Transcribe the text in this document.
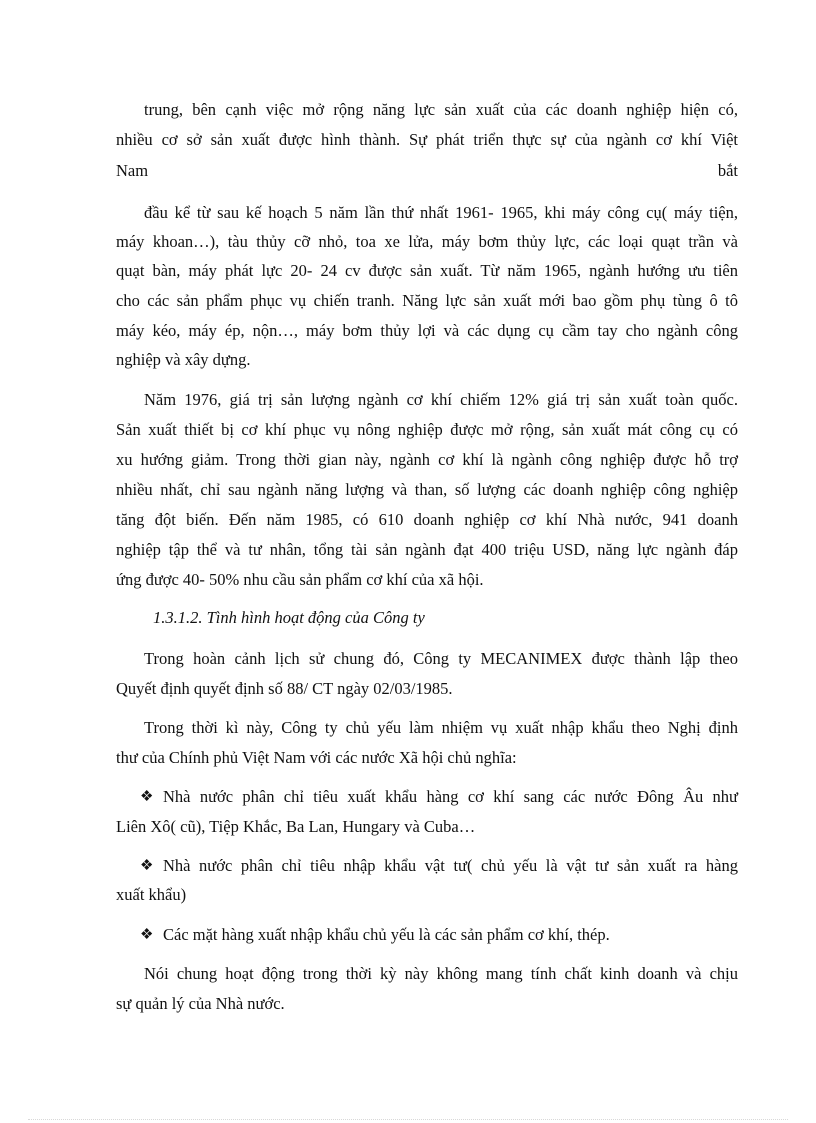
trung, bên cạnh việc mở rộng năng lực sản xuất của các doanh nghiệp hiện có,
nhiều cơ sở sản xuất được hình thành. Sự phát triển thực sự của ngành cơ khí Việt
Nam	bắt
đầu kể từ sau kế hoạch 5 năm lần thứ nhất 1961- 1965, khi máy công cụ( máy tiện,
máy khoan…), tàu thủy cỡ nhỏ, toa xe lửa, máy bơm thủy lực, các loại quạt trần và
quạt bàn, máy phát lực 20- 24 cv được sản xuất. Từ năm 1965, ngành hướng ưu tiên
cho các sản phẩm phục vụ chiến tranh. Năng lực sản xuất mới bao gồm phụ tùng ô tô
máy kéo, máy ép, nộn…, máy bơm thủy lợi và các dụng cụ cầm tay cho ngành công
nghiệp và xây dựng.
Năm 1976, giá trị sản lượng ngành cơ khí chiếm 12% giá trị sản xuất toàn quốc.
Sản xuất thiết bị cơ khí phục vụ nông nghiệp được mở rộng, sản xuất mát công cụ có
xu hướng giảm. Trong thời gian này, ngành cơ khí là ngành công nghiệp được hỗ trợ
nhiều nhất, chỉ sau ngành năng lượng và than, số lượng các doanh nghiệp công nghiệp
tăng đột biến. Đến năm 1985, có 610 doanh nghiệp cơ khí Nhà nước, 941 doanh
nghiệp tập thể và tư nhân, tổng tài sản ngành đạt 400 triệu USD, năng lực ngành đáp
ứng được 40- 50% nhu cầu sản phẩm cơ khí của xã hội.
1.3.1.2. Tình hình hoạt động của Công ty
Trong hoàn cảnh lịch sử chung đó, Công ty MECANIMEX được thành lập theo
Quyết định quyết định số 88/ CT ngày 02/03/1985.
Trong thời kì này, Công ty chủ yếu làm nhiệm vụ xuất nhập khẩu theo Nghị định
thư của Chính phủ Việt Nam với các nước Xã hội chủ nghĩa:
❖ Nhà nước phân chỉ tiêu xuất khẩu hàng cơ khí sang các nước Đông Âu như
Liên Xô( cũ), Tiệp Khắc, Ba Lan, Hungary và Cuba…
❖ Nhà nước phân chỉ tiêu nhập khẩu vật tư( chủ yếu là vật tư sản xuất ra hàng
xuất khẩu)
❖ Các mặt hàng xuất nhập khẩu chủ yếu là các sản phẩm cơ khí, thép.
Nói chung hoạt động trong thời kỳ này không mang tính chất kinh doanh và chịu
sự quản lý của Nhà nước.
